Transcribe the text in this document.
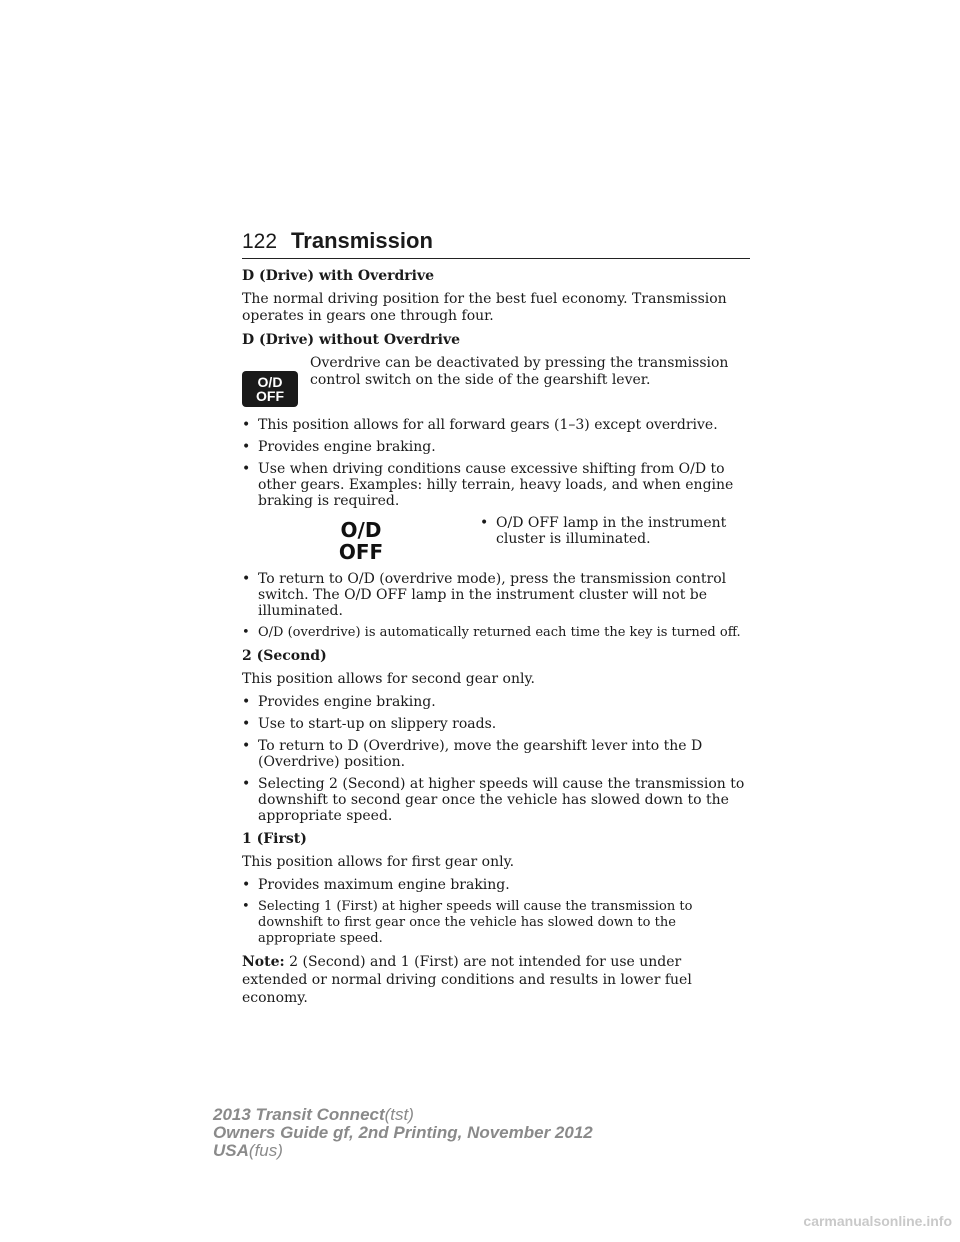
122 Transmission
D (Drive) with Overdrive

The normal driving position for the best fuel economy. Transmission operates in gears one through four.

D (Drive) without Overdrive
O/D
OFF
Overdrive can be deactivated by pressing the transmission control switch on the side of the gearshift lever.
• This position allows for all forward gears (1–3) except overdrive.
• Provides engine braking.
• Use when driving conditions cause excessive shifting from O/D to other gears. Examples: hilly terrain, heavy loads, and when engine braking is required.
O/D
OFF
• O/D OFF lamp in the instrument cluster is illuminated.
• To return to O/D (overdrive mode), press the transmission control switch. The O/D OFF lamp in the instrument cluster will not be illuminated.
• O/D (overdrive) is automatically returned each time the key is turned off.
2 (Second)

This position allows for second gear only.

• Provides engine braking.
• Use to start-up on slippery roads.
• To return to D (Overdrive), move the gearshift lever into the D (Overdrive) position.
• Selecting 2 (Second) at higher speeds will cause the transmission to downshift to second gear once the vehicle has slowed down to the appropriate speed.
1 (First)

This position allows for first gear only.

• Provides maximum engine braking.
• Selecting 1 (First) at higher speeds will cause the transmission to downshift to first gear once the vehicle has slowed down to the appropriate speed.
Note: 2 (Second) and 1 (First) are not intended for use under extended or normal driving conditions and results in lower fuel economy.
2013 Transit Connect(tst)
Owners Guide gf, 2nd Printing, November 2012
USA(fus)
carmanualsonline.info
